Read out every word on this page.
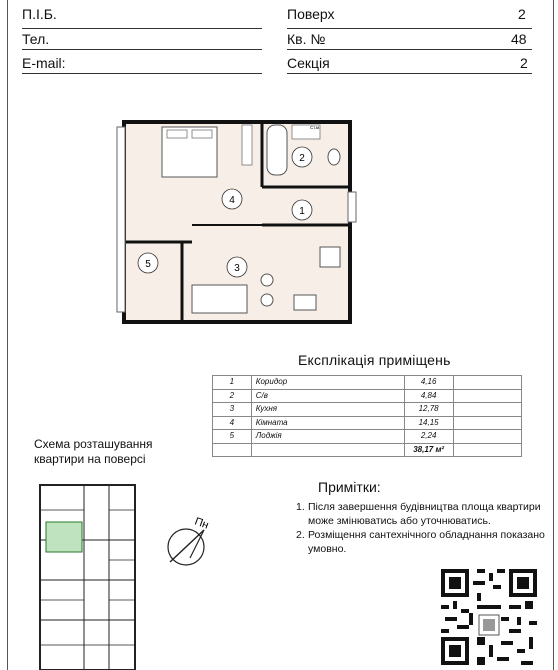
П.І.Б.
Тел.
E-mail:
Поверх	2
Кв. №	48
Секція	2
2
1
4
3
5
Ст.м.
Експлікація приміщень
1	Коридор	4,16	
2	С/в	4,84	
3	Кухня	12,78	
4	Кімната	14,15	
5	Лоджія	2,24	
		38,17 м²	
Схема розташування квартири на поверсі
Пн
Примітки:
1. Після завершення будівництва площа квартири може змінюватись або уточнюватись.
2. Розміщення сантехнічного обладнання показано умовно.
